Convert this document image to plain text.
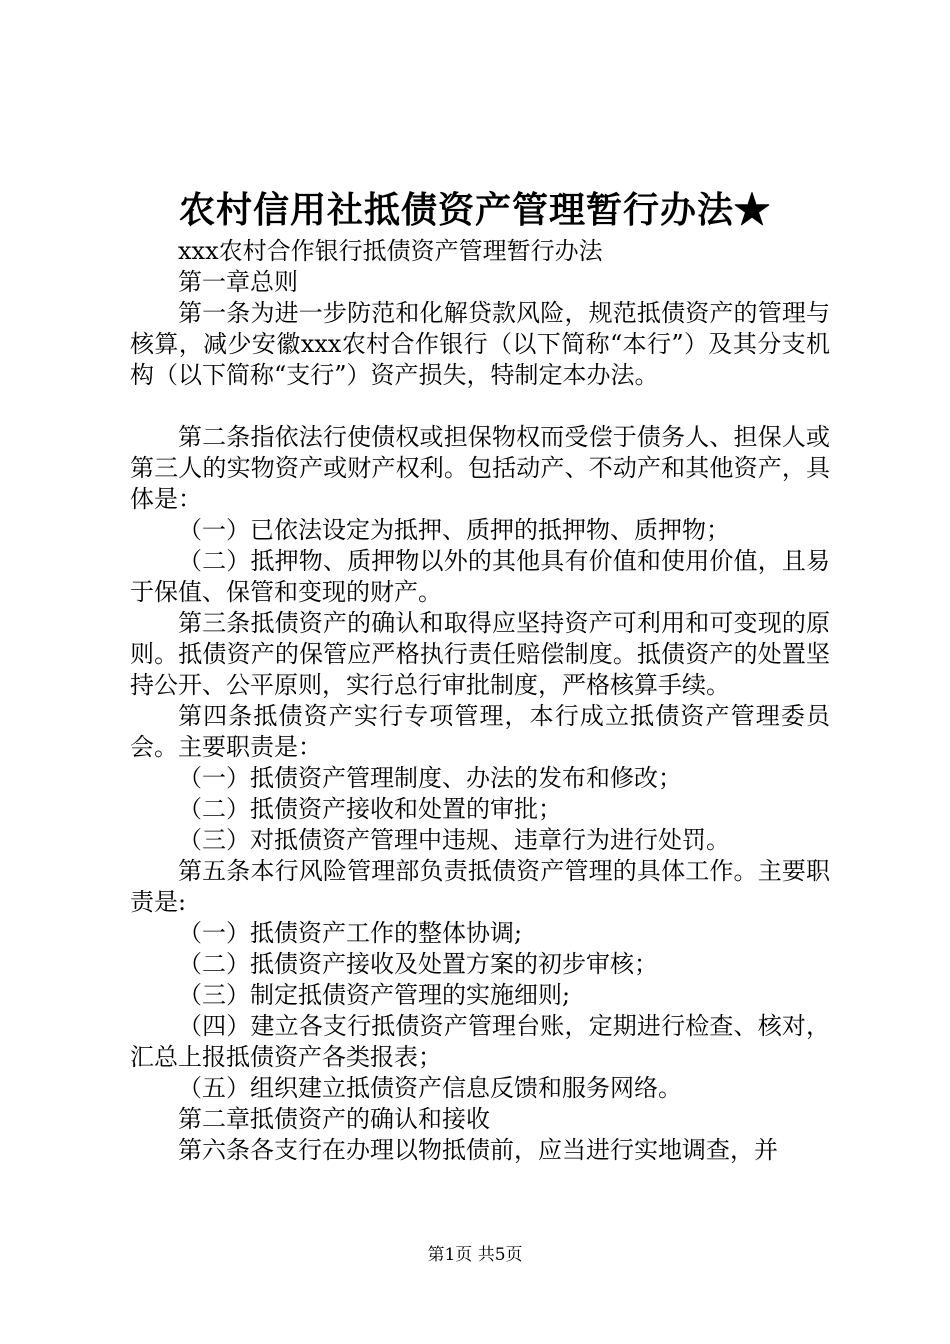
农村信用社抵债资产管理暂行办法★

xxx农村合作银行抵债资产管理暂行办法

第一章总则

第一条为进一步防范和化解贷款风险，规范抵债资产的管理与核算，减少安徽xxx农村合作银行（以下简称“本行”）及其分支机构（以下简称“支行”）资产损失，特制定本办法。

第二条指依法行使债权或担保物权而受偿于债务人、担保人或第三人的实物资产或财产权利。包括动产、不动产和其他资产，具体是：

（一）已依法设定为抵押、质押的抵押物、质押物；

（二）抵押物、质押物以外的其他具有价值和使用价值，且易于保值、保管和变现的财产。

第三条抵债资产的确认和取得应坚持资产可利用和可变现的原则。抵债资产的保管应严格执行责任赔偿制度。抵债资产的处置坚持公开、公平原则，实行总行审批制度，严格核算手续。

第四条抵债资产实行专项管理，本行成立抵债资产管理委员会。主要职责是：

（一）抵债资产管理制度、办法的发布和修改；

（二）抵债资产接收和处置的审批；

（三）对抵债资产管理中违规、违章行为进行处罚。

第五条本行风险管理部负责抵债资产管理的具体工作。主要职责是:

（一）抵债资产工作的整体协调;

（二）抵债资产接收及处置方案的初步审核；

（三）制定抵债资产管理的实施细则;

（四）建立各支行抵债资产管理台账，定期进行检查、核对，汇总上报抵债资产各类报表；

（五）组织建立抵债资产信息反馈和服务网络。

第二章抵债资产的确认和接收

第六条各支行在办理以物抵债前，应当进行实地调查，并

第1页 共5页
